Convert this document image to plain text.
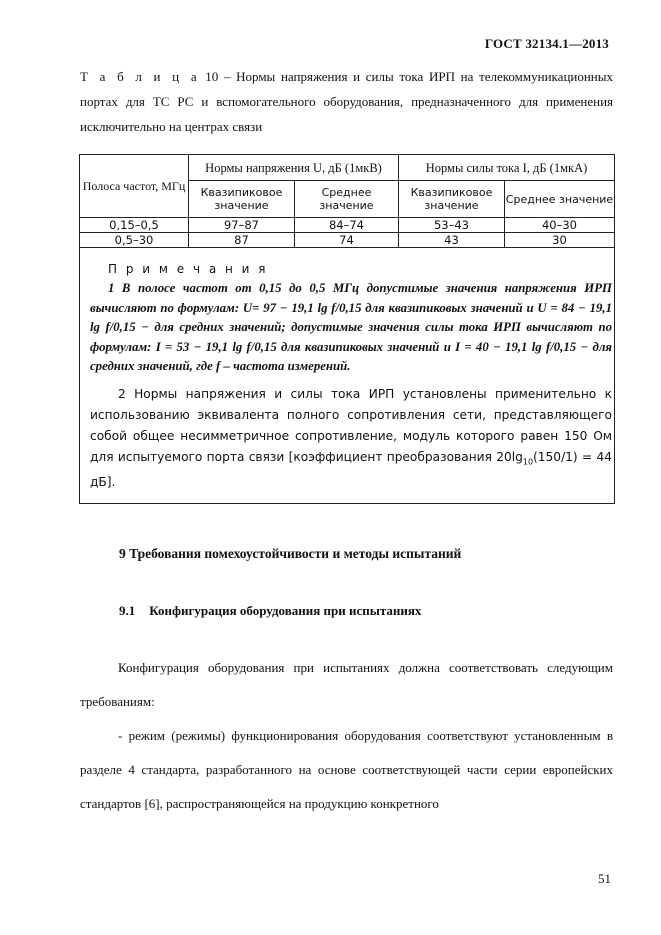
ГОСТ 32134.1—2013
Т а б л и ц а 10 – Нормы напряжения и силы тока ИРП на телекоммуникационных портах для ТС РС и вспомогательного оборудования, предназначенного для применения исключительно на центрах связи
Полоса частот, МГц	Нормы напряжения U, дБ (1мкВ)		Нормы силы тока I, дБ (1мкА)	
	Квазипиковое значение	Среднее значение	Квазипиковое значение	Среднее значение
0,15–0,5	97–87	84–74	53–43	40–30
0,5–30	87	74	43	30
П р и м е ч а н и я

1 В полосе частот от 0,15 до 0,5 МГц допустимые значения напряжения ИРП вычисляют по формулам: U= 97 − 19,1 lg f/0,15 для квазипиковых значений и U = 84 − 19,1 lg f/0,15 − для средних значений; допустимые значения силы тока ИРП вычисляют по формулам: I = 53 − 19,1 lg f/0,15 для квазипиковых значений и I = 40 − 19,1 lg f/0,15 − для средних значений, где f – частота измерений.

2 Нормы напряжения и силы тока ИРП установлены применительно к использованию эквивалента полного сопротивления сети, представляющего собой общее несимметричное сопротивление, модуль которого равен 150 Ом для испытуемого порта связи [коэффициент преобразования $20\lg_{10}(150/1) = 44$ дБ].

9 Требования помехоустойчивости и методы испытаний
9.1 Конфигурация оборудования при испытаниях
Конфигурация оборудования при испытаниях должна соответствовать следующим требованиям:
- режим (режимы) функционирования оборудования соответствуют установленным в разделе 4 стандарта, разработанного на основе соответствующей части серии европейских стандартов [6], распространяющейся на продукцию конкретного
51
